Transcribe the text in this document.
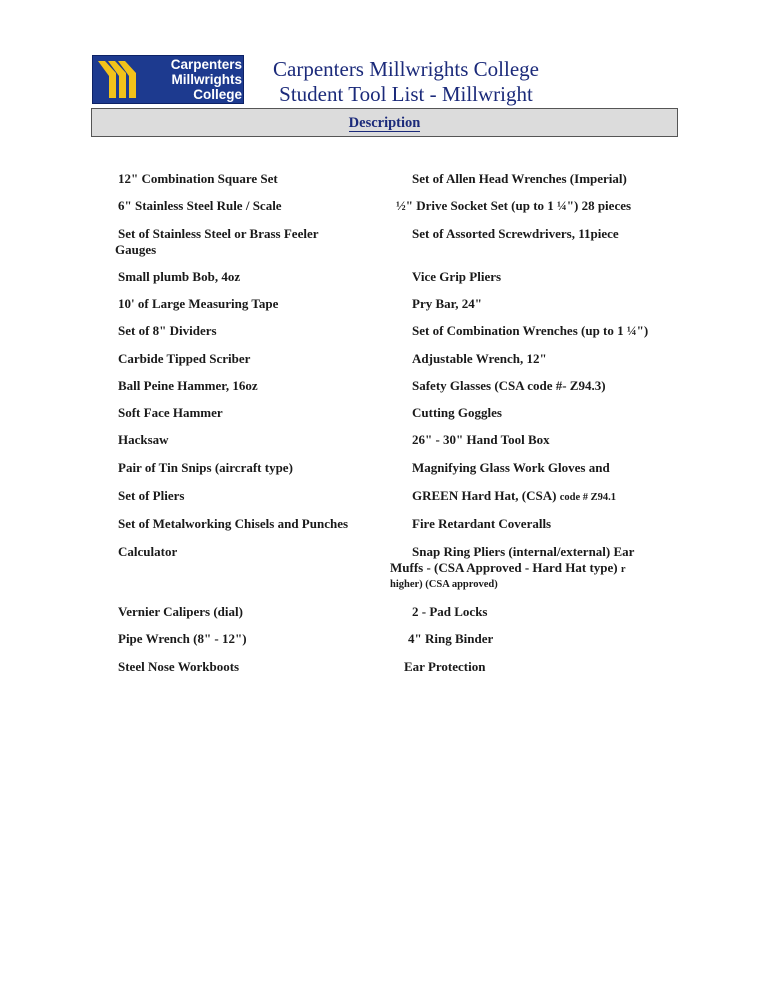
Carpenters
Millwrights
College
Carpenters Millwrights College
Student Tool List - Millwright
Description
12" Combination Square Set
6" Stainless Steel Rule / Scale
Set of Stainless Steel or Brass Feeler
Gauges
Small plumb Bob, 4oz
10' of Large Measuring Tape
Set of 8" Dividers
Carbide Tipped Scriber
Ball Peine Hammer, 16oz
Soft Face Hammer
Hacksaw
Pair of Tin Snips (aircraft type)
Set of Pliers
Set of Metalworking Chisels and Punches
Calculator
Vernier Calipers (dial)
Pipe Wrench (8" - 12")
Steel Nose Workboots
Set of Allen Head Wrenches (Imperial)
½" Drive Socket Set (up to 1 ¼") 28 pieces
Set of Assorted Screwdrivers, 11piece
Vice Grip Pliers
Pry Bar, 24"
Set of Combination Wrenches (up to 1 ¼")
Adjustable Wrench, 12"
Safety Glasses (CSA code #- Z94.3)
Cutting Goggles
26" - 30" Hand Tool Box
Magnifying Glass Work Gloves and
GREEN Hard Hat, (CSA) code # Z94.1
Fire Retardant Coveralls
Snap Ring Pliers (internal/external) Ear
Muffs - (CSA Approved - Hard Hat type) r
higher) (CSA approved)
2 - Pad Locks
4" Ring Binder
Ear Protection
